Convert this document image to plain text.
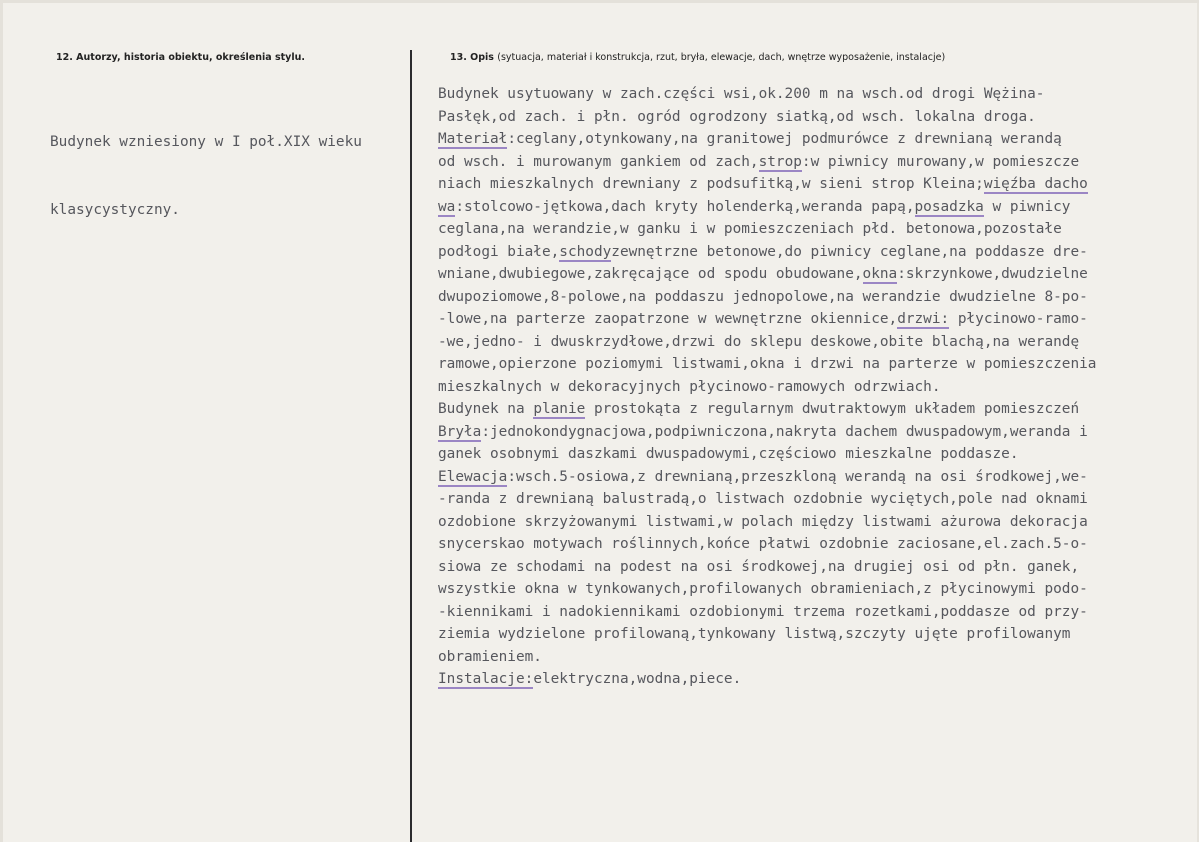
12. Autorzy, historia obiektu, określenia stylu.	13. Opis (sytuacja, materiał i konstrukcja, rzut, bryła, elewacje, dach, wnętrze wyposażenie, instalacje)

Budynek wzniesiony w I poł.XIX wieku

klasycystyczny.

Budynek usytuowany w zach.części wsi,ok.200 m na wsch.od drogi Wężina-
Pasłęk,od zach. i płn. ogród ogrodzony siatką,od wsch. lokalna droga.
Materiał:ceglany,otynkowany,na granitowej podmurówce z drewnianą werandą
od wsch. i murowanym gankiem od zach,strop:w piwnicy murowany,w pomieszcze
niach mieszkalnych drewniany z podsufitką,w sieni strop Kleina;więźba dacho
wa:stolcowo-jętkowa,dach kryty holenderką,weranda papą,posadzka w piwnicy
ceglana,na werandzie,w ganku i w pomieszczeniach płd. betonowa,pozostałe
podłogi białe,schodyzewnętrzne betonowe,do piwnicy ceglane,na poddasze dre-
wniane,dwubiegowe,zakręcające od spodu obudowane,okna:skrzynkowe,dwudzielne
dwupoziomowe,8-polowe,na poddaszu jednopolowe,na werandzie dwudzielne 8-po-
-lowe,na parterze zaopatrzone w wewnętrzne okiennice,drzwi: płycinowo-ramo-
-we,jedno- i dwuskrzydłowe,drzwi do sklepu deskowe,obite blachą,na werandę
ramowe,opierzone poziomymi listwami,okna i drzwi na parterze w pomieszczenia
mieszkalnych w dekoracyjnych płycinowo-ramowych odrzwiach.
Budynek na planie prostokąta z regularnym dwutraktowym układem pomieszczeń
Bryła:jednokondygnacjowa,podpiwniczona,nakryta dachem dwuspadowym,weranda i
ganek osobnymi daszkami dwuspadowymi,częściowo mieszkalne poddasze.
Elewacja:wsch.5-osiowa,z drewnianą,przeszkloną werandą na osi środkowej,we-
-randa z drewnianą balustradą,o listwach ozdobnie wyciętych,pole nad oknami
ozdobione skrzyżowanymi listwami,w polach między listwami ażurowa dekoracja
snycerskao motywach roślinnych,końce płatwi ozdobnie zaciosane,el.zach.5-o-
siowa ze schodami na podest na osi środkowej,na drugiej osi od płn. ganek,
wszystkie okna w tynkowanych,profilowanych obramieniach,z płycinowymi podo-
-kiennikami i nadokiennikami ozdobionymi trzema rozetkami,poddasze od przy-
ziemia wydzielone profilowaną,tynkowany listwą,szczyty ujęte profilowanym
obramieniem.
Instalacje:elektryczna,wodna,piece.
